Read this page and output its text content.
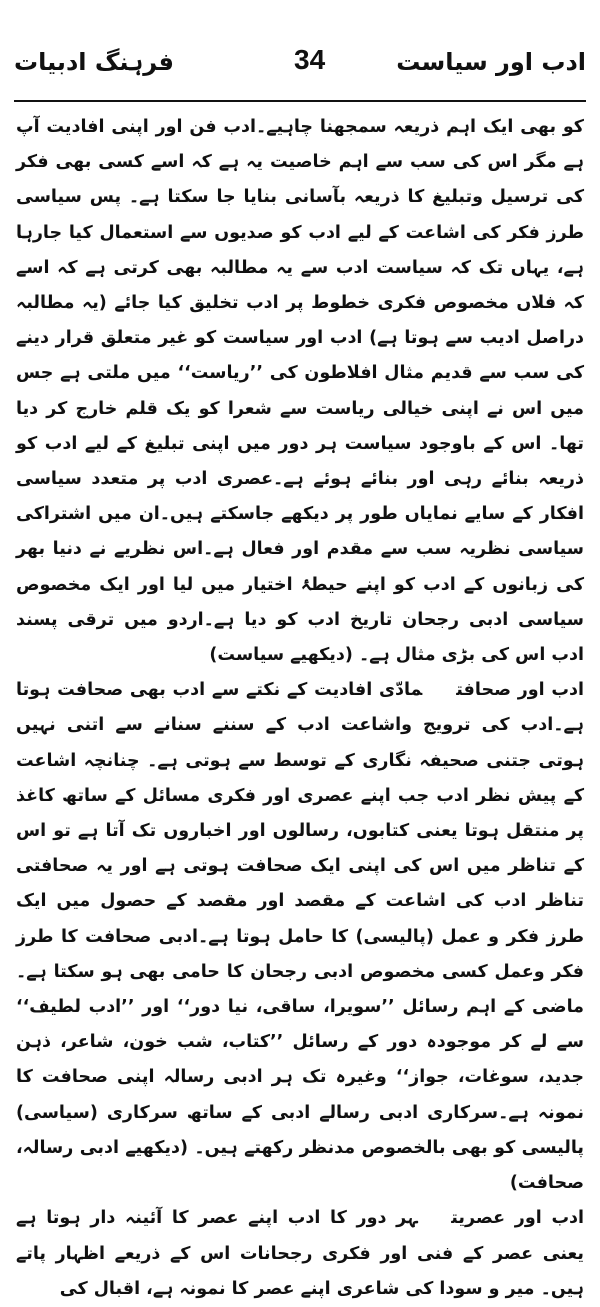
ادب اور سیاست
34
فرہنگ ادبیات

کو بھی ایک اہم ذریعہ سمجھنا چاہیے۔ادب فن اور اپنی افادیت آپ ہے مگر اس کی سب سے اہم خاصیت یہ ہے کہ اسے کسی بھی فکر کی ترسیل وتبلیغ کا ذریعہ بآسانی بنایا جا سکتا ہے۔ پس سیاسی طرز فکر کی اشاعت کے لیے ادب کو صدیوں سے استعمال کیا جارہا ہے، یہاں تک کہ سیاست ادب سے یہ مطالبہ بھی کرتی ہے کہ اسے کہ فلاں مخصوص فکری خطوط پر ادب تخلیق کیا جائے (یہ مطالبہ دراصل ادیب سے ہوتا ہے) ادب اور سیاست کو غیر متعلق قرار دینے کی سب سے قدیم مثال افلاطون کی ’’ریاست‘‘ میں ملتی ہے جس میں اس نے اپنی خیالی ریاست سے شعرا کو یک قلم خارج کر دیا تھا۔ اس کے باوجود سیاست ہر دور میں اپنی تبلیغ کے لیے ادب کو ذریعہ بنائے رہی اور بنائے ہوئے ہے۔عصری ادب پر متعدد سیاسی افکار کے سایے نمایاں طور پر دیکھے جاسکتے ہیں۔ان میں اشتراکی سیاسی نظریہ سب سے مقدم اور فعال ہے۔اس نظریے نے دنیا بھر کی زبانوں کے ادب کو اپنے حیطۂ اختیار میں لیا اور ایک مخصوص سیاسی ادبی رجحان تاریخ ادب کو دیا ہے۔اردو میں ترقی پسند ادب اس کی بڑی مثال ہے۔ (دیکھیے سیاست)

ادب اور صحافتمادّی افادیت کے نکتے سے ادب بھی صحافت ہوتا ہے۔ادب کی ترویج واشاعت ادب کے سننے سنانے سے اتنی نہیں ہوتی جتنی صحیفہ نگاری کے توسط سے ہوتی ہے۔ چنانچہ اشاعت کے پیش نظر ادب جب اپنے عصری اور فکری مسائل کے ساتھ کاغذ پر منتقل ہوتا یعنی کتابوں، رسالوں اور اخباروں تک آتا ہے تو اس کے تناظر میں اس کی اپنی ایک صحافت ہوتی ہے اور یہ صحافتی تناظر ادب کی اشاعت کے مقصد اور مقصد کے حصول میں ایک طرز فکر و عمل (پالیسی) کا حامل ہوتا ہے۔ادبی صحافت کا طرز فکر وعمل کسی مخصوص ادبی رجحان کا حامی بھی ہو سکتا ہے۔ ماضی کے اہم رسائل ’’سویرا، ساقی، نیا دور‘‘ اور ’’ادب لطیف‘‘ سے لے کر موجودہ دور کے رسائل ’’کتاب، شب خون، شاعر، ذہن جدید، سوغات، جواز‘‘ وغیرہ تک ہر ادبی رسالہ اپنی صحافت کا نمونہ ہے۔سرکاری ادبی رسالے ادبی کے ساتھ سرکاری (سیاسی) پالیسی کو بھی بالخصوص مدنظر رکھتے ہیں۔ (دیکھیے ادبی رسالہ، صحافت)

ادب اور عصریتہر دور کا ادب اپنے عصر کا آئینہ دار ہوتا ہے یعنی عصر کے فنی اور فکری رجحانات اس کے ذریعے اظہار پاتے ہیں۔ میر و سودا کی شاعری اپنے عصر کا نمونہ ہے، اقبال کی
